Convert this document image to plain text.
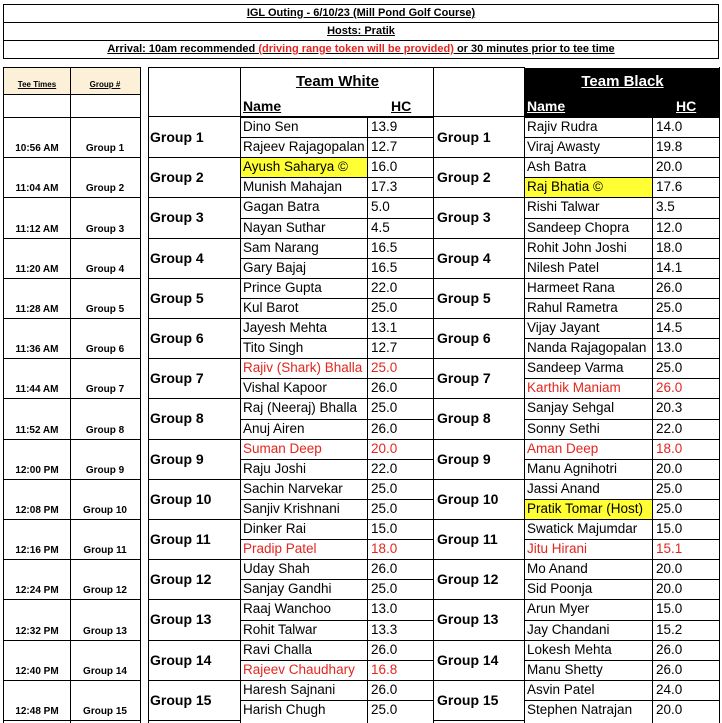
IGL Outing - 6/10/23 (Mill Pond Golf Course)
Hosts: Pratik
Arrival: 10am recommended (driving range token will be provided) or 30 minutes prior to tee time
Tee Times	Group #	Team White
Name	HC
Team Black
Name	HC
10:56 AM	Group 1
Group 1	Group 1
Dino Sen	13.9	Rajiv Rudra	14.0
Rajeev Rajagopalan 12.7	Viraj Awasty	19.8
11:04 AM	Group 2
Group 2	Group 2
Ayush Saharya ©	16.0	Ash Batra	20.0
Munish Mahajan	17.3	Raj Bhatia ©	17.6
11:12 AM	Group 3
Group 3	Group 3
Gagan Batra	5.0	Rishi Talwar	3.5
Nayan Suthar	4.5	Sandeep Chopra	12.0
11:20 AM	Group 4
Group 4	Group 4
Sam Narang	16.5	Rohit John Joshi	18.0
Gary Bajaj	16.5	Nilesh Patel	14.1
11:28 AM	Group 5
Group 5	Group 5
Prince Gupta	22.0	Harmeet Rana	26.0
Kul Barot	25.0	Rahul Rametra	25.0
11:36 AM	Group 6
Group 6	Group 6
Jayesh Mehta	13.1	Vijay Jayant	14.5
Tito Singh	12.7	Nanda Rajagopalan 13.0
11:44 AM	Group 7
Group 7	Group 7
Rajiv (Shark) Bhalla 25.0	Sandeep Varma	25.0
Vishal Kapoor	26.0	Karthik Maniam	26.0
11:52 AM	Group 8
Group 8	Group 8
Raj (Neeraj) Bhalla	25.0	Sanjay Sehgal	20.3
Anuj Airen	26.0	Sonny Sethi	22.0
12:00 PM	Group 9
Group 9	Group 9
Suman Deep	20.0	Aman Deep	18.0
Raju Joshi	22.0	Manu Agnihotri	20.0
12:08 PM	Group 10
Group 10	Group 10
Sachin Narvekar	25.0	Jassi Anand	25.0
Sanjiv Krishnani	25.0	Pratik Tomar (Host) 25.0
12:16 PM	Group 11
Group 11	Group 11
Dinker Rai	15.0	Swatick Majumdar	15.0
Pradip Patel	18.0	Jitu Hirani	15.1
12:24 PM	Group 12
Group 12	Group 12
Uday Shah	26.0	Mo Anand	20.0
Sanjay Gandhi	25.0	Sid Poonja	20.0
12:32 PM	Group 13
Group 13	Group 13
Raaj Wanchoo	13.0	Arun Myer	15.0
Rohit Talwar	13.3	Jay Chandani	15.2
12:40 PM	Group 14
Group 14	Group 14
Ravi Challa	26.0	Lokesh Mehta	26.0
Rajeev Chaudhary	16.8	Manu Shetty	26.0
12:48 PM	Group 15
Group 15	Group 15
Haresh Sajnani	26.0	Asvin Patel	24.0
Harish Chugh	25.0	Stephen Natrajan	20.0
